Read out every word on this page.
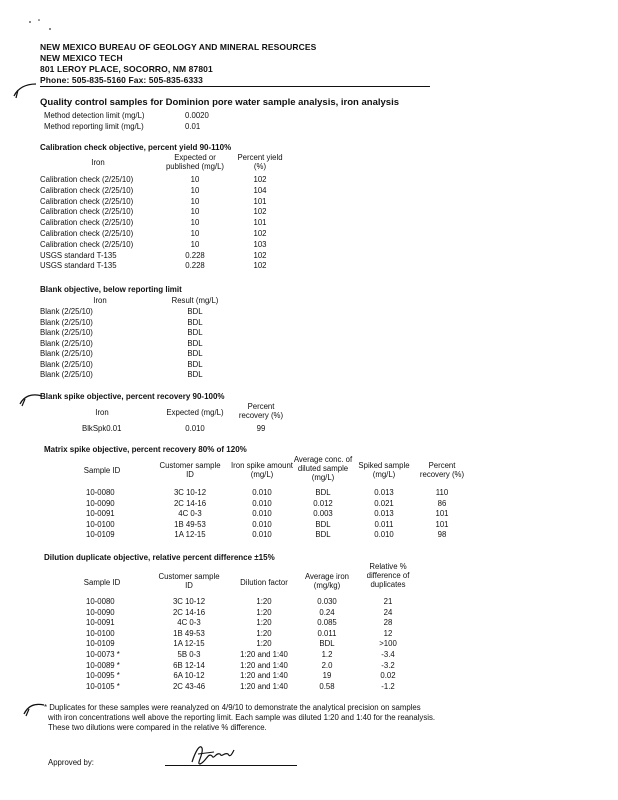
NEW MEXICO BUREAU OF GEOLOGY AND MINERAL RESOURCES
NEW MEXICO TECH
801 LEROY PLACE, SOCORRO, NM 87801
Phone: 505-835-5160 Fax: 505-835-6333
Quality control samples for Dominion pore water sample analysis, iron analysis
Method detection limit (mg/L)	0.0020
Method reporting limit (mg/L)	0.01
Calibration check objective, percent yield 90-110%
Iron
Expected or published (mg/L)
Percent yield (%)
Calibration check (2/25/10)	10	102
Calibration check (2/25/10)	10	104
Calibration check (2/25/10)	10	101
Calibration check (2/25/10)	10	102
Calibration check (2/25/10)	10	101
Calibration check (2/25/10)	10	102
Calibration check (2/25/10)	10	103
USGS standard T-135	0.228	102
USGS standard T-135	0.228	102
Blank objective, below reporting limit
Iron	Result (mg/L)
Blank (2/25/10)	BDL
Blank (2/25/10)	BDL
Blank (2/25/10)	BDL
Blank (2/25/10)	BDL
Blank (2/25/10)	BDL
Blank (2/25/10)	BDL
Blank (2/25/10)	BDL
Blank spike objective, percent recovery 90-100%
Iron	Expected (mg/L)
Percent recovery (%)
BlkSpk0.01	0.010	99
Matrix spike objective, percent recovery 80% of 120%
Sample ID
Customer sample ID
Iron spike amount (mg/L)
Average conc. of diluted sample (mg/L)
Spiked sample (mg/L)
Percent recovery (%)
10-0080	3C 10-12	0.010	BDL	0.013	110
10-0090	2C 14-16	0.010	0.012	0.021	86
10-0091	4C 0-3	0.010	0.003	0.013	101
10-0100	1B 49-53	0.010	BDL	0.011	101
10-0109	1A 12-15	0.010	BDL	0.010	98
Dilution duplicate objective, relative percent difference ±15%
Sample ID
Customer sample ID	Dilution factor
Average iron (mg/kg)
Relative % difference of duplicates
10-0080	3C 10-12	1:20	0.030	21
10-0090	2C 14-16	1:20	0.24	24
10-0091	4C 0-3	1:20	0.085	28
10-0100	1B 49-53	1:20	0.011	12
10-0109	1A 12-15	1:20	BDL	>100
10-0073 *	5B 0-3	1:20 and 1:40	1.2	-3.4
10-0089 *	6B 12-14	1:20 and 1:40	2.0	-3.2
10-0095 *	6A 10-12	1:20 and 1:40	19	0.02
10-0105 *	2C 43-46	1:20 and 1:40	0.58	-1.2
* Duplicates for these samples were reanalyzed on 4/9/10 to demonstrate the analytical precision on samples
with iron concentrations well above the reporting limit. Each sample was diluted 1:20 and 1:40 for the reanalysis.
These two dilutions were compared in the relative % difference.
Approved by:
